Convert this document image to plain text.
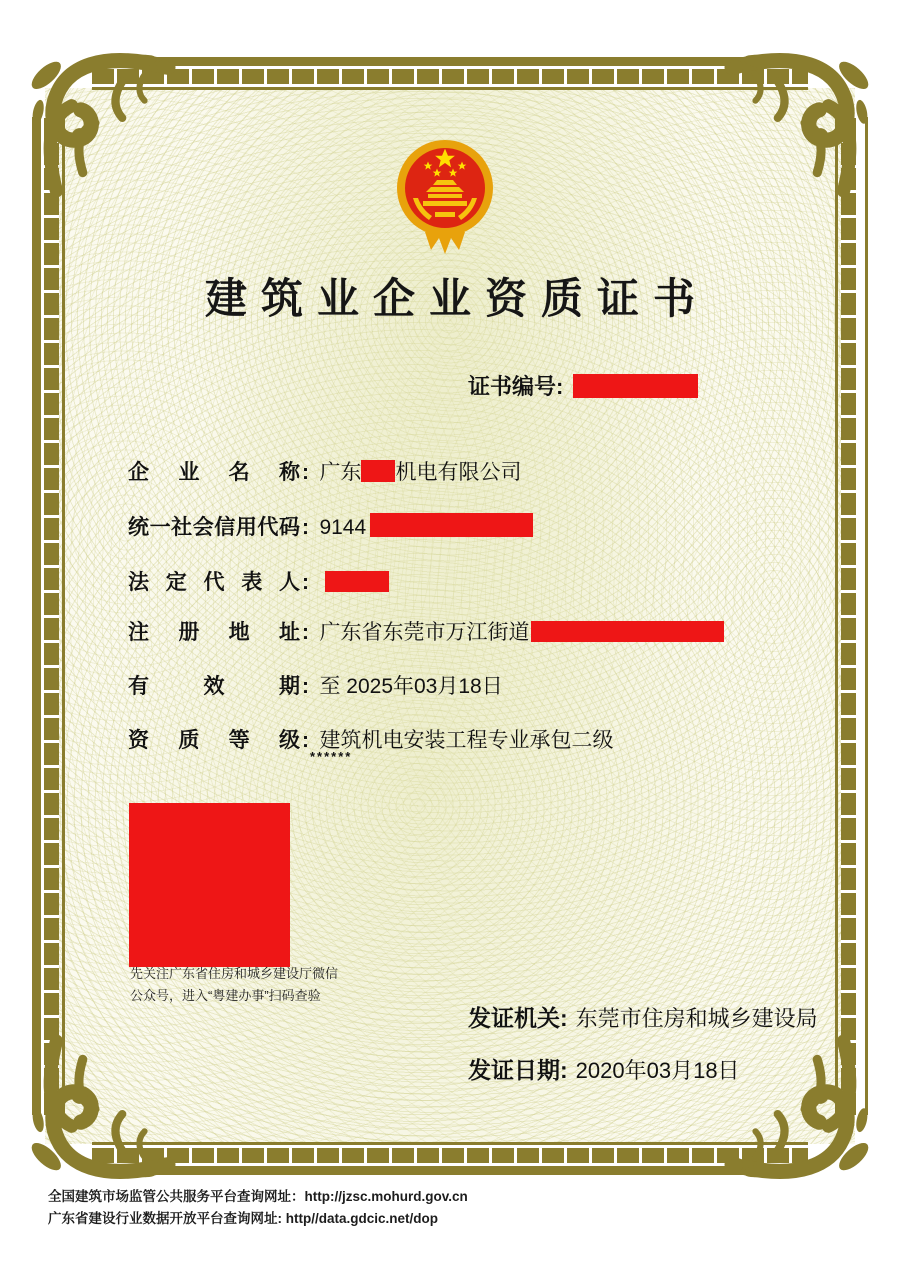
建筑业企业资质证书
证书编号:
企业名称: 广东 机电有限公司
统一社会信用代码: 9144
法定代表人:
注册地址: 广东省东莞市万江街道
有效期: 至 2025年03月18日
资质等级: 建筑机电安装工程专业承包二级
******
先关注广东省住房和城乡建设厅微信
公众号，进入“粤建办事”扫码查验
发证机关: 东莞市住房和城乡建设局
发证日期: 2020年03月18日
全国建筑市场监管公共服务平台查询网址：http://jzsc.mohurd.gov.cn
广东省建设行业数据开放平台查询网址: http//data.gdcic.net/dop
